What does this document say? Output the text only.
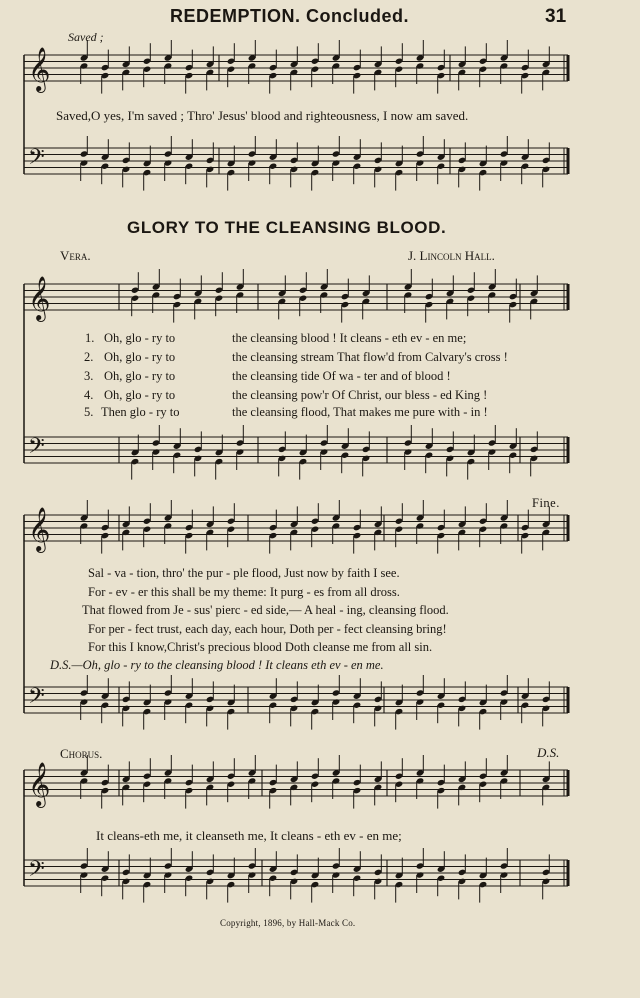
REDEMPTION. Concluded.	31
𝄞
𝄢
𝄞
𝄢
𝄞
𝄢
𝄞
𝄢
Saved ;
Saved,O yes, I'm saved ; Thro' Jesus' blood and righteousness, I now am saved.
GLORY TO THE CLEANSING BLOOD.
Vera.	J. Lincoln Hall.
1. Oh, glo - ry to	the cleansing blood ! It cleans - eth ev - en me;
2. Oh, glo - ry to	the cleansing stream That flow'd from Calvary's cross !
3. Oh, glo - ry to	the cleansing tide Of wa - ter and of blood !
4. Oh, glo - ry to	the cleansing pow'r Of Christ, our bless - ed King !
5. Then glo - ry to	the cleansing flood, That makes me pure with - in !
Fine.
Sal - va - tion, thro' the pur - ple flood, Just now by faith I see.
For - ev - er this shall be my theme: It purg - es from all dross.
That flowed from Je - sus' pierc - ed side,— A heal - ing, cleansing flood.
For per - fect trust, each day, each hour, Doth per - fect cleansing bring!
For this I know,Christ's precious blood Doth cleanse me from all sin.
D.S.—Oh, glo - ry to the cleansing blood ! It cleans eth ev - en me.
Chorus.	D.S.
It cleans-eth me, it cleanseth me, It cleans - eth ev - en me;
Copyright, 1896, by Hall-Mack Co.
